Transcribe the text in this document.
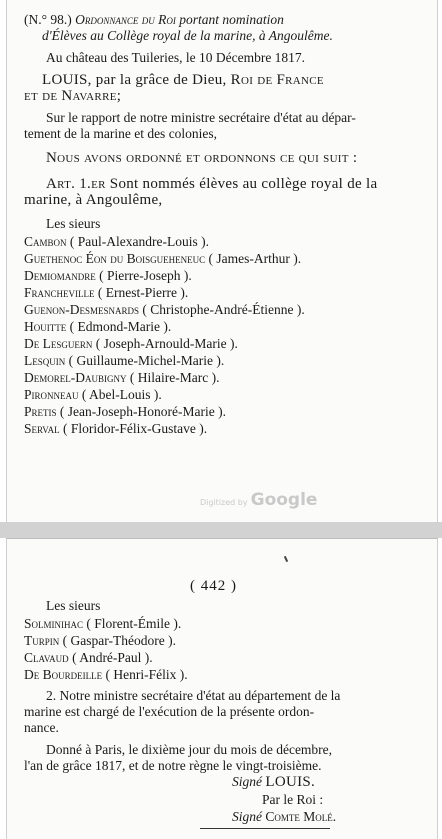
(N.° 98.) Ordonnance du Roi portant nomination
d'Élèves au Collège royal de la marine, à Angoulême.
Au château des Tuileries, le 10 Décembre 1817.
LOUIS, par la grâce de Dieu, Roi de France
et de Navarre;
Sur le rapport de notre ministre secrétaire d'état au dépar-
tement de la marine et des colonies,
Nous avons ordonné et ordonnons ce qui suit :
Art. 1.er Sont nommés élèves au collège royal de la
marine, à Angoulême,
Les sieurs
Cambon ( Paul-Alexandre-Louis ).
Guethenoc Éon du Boisgueheneuc ( James-Arthur ).
Demiomandre ( Pierre-Joseph ).
Francheville ( Ernest-Pierre ).
Guenon-Desmesnards ( Christophe-André-Étienne ).
Houitte ( Edmond-Marie ).
De Lesguern ( Joseph-Arnould-Marie ).
Lesquin ( Guillaume-Michel-Marie ).
Demorel-Daubigny ( Hilaire-Marc ).
Pironneau ( Abel-Louis ).
Pretis ( Jean-Joseph-Honoré-Marie ).
Serval ( Floridor-Félix-Gustave ).
Digitized by Google
( 442 )
Les sieurs
Solminihac ( Florent-Émile ).
Turpin ( Gaspar-Théodore ).
Clavaud ( André-Paul ).
De Bourdeille ( Henri-Félix ).
2. Notre ministre secrétaire d'état au département de la
marine est chargé de l'exécution de la présente ordon-
nance.
Donné à Paris, le dixième jour du mois de décembre,
l'an de grâce 1817, et de notre règne le vingt-troisième.
Signé LOUIS.
Par le Roi :
Signé Comte Molé.
